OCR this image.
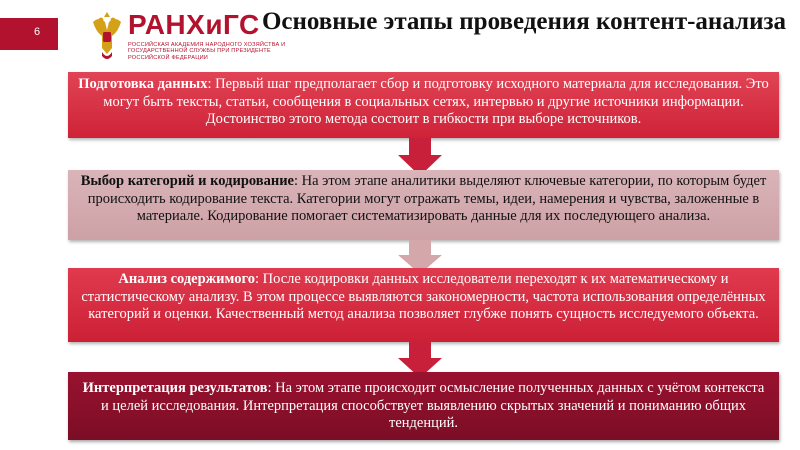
6	РАНХиГС
РОССИЙСКАЯ АКАДЕМИЯ НАРОДНОГО ХОЗЯЙСТВА И ГОСУДАРСТВЕННОЙ СЛУЖБЫ ПРИ ПРЕЗИДЕНТЕ РОССИЙСКОЙ ФЕДЕРАЦИИ
Основные этапы проведения контент-анализа
Подготовка данных: Первый шаг предполагает сбор и подготовку исходного материала для исследования. Это могут быть тексты, статьи, сообщения в социальных сетях, интервью и другие источники информации. Достоинство этого метода состоит в гибкости при выборе источников.
Выбор категорий и кодирование: На этом этапе аналитики выделяют ключевые категории, по которым будет происходить кодирование текста. Категории могут отражать темы, идеи, намерения и чувства, заложенные в материале. Кодирование помогает систематизировать данные для их последующего анализа.
Анализ содержимого: После кодировки данных исследователи переходят к их математическому и статистическому анализу. В этом процессе выявляются закономерности, частота использования определённых категорий и оценки. Качественный метод анализа позволяет глубже понять сущность исследуемого объекта.
Интерпретация результатов: На этом этапе происходит осмысление полученных данных с учётом контекста и целей исследования. Интерпретация способствует выявлению скрытых значений и пониманию общих тенденций.
